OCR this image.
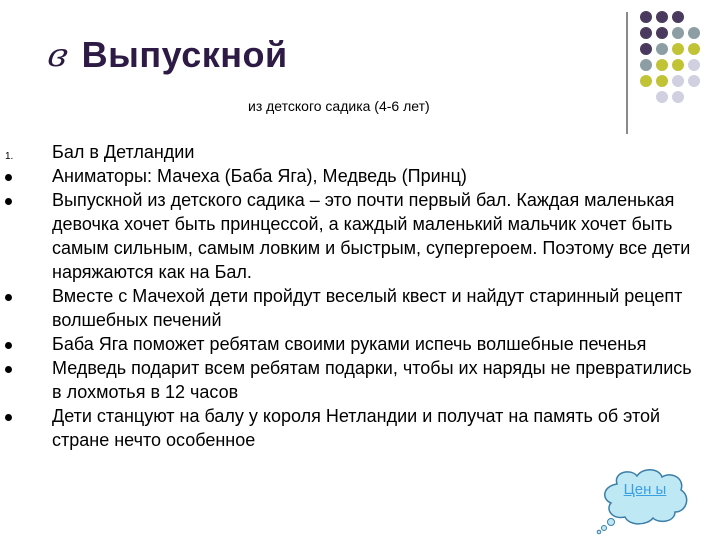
ɞ Выпускной
из детского садика (4-6 лет)
1.	Бал в Детландии
Аниматоры: Мачеха (Баба Яга), Медведь (Принц)
Выпускной из детского садика – это почти первый бал. Каждая маленькая девочка хочет быть принцессой, а каждый маленький мальчик хочет быть самым сильным, самым ловким и быстрым, супергероем. Поэтому все дети наряжаются как на Бал.
Вместе с Мачехой дети пройдут веселый квест и найдут старинный рецепт волшебных печений
Баба Яга поможет ребятам своими руками испечь волшебные печенья
Медведь подарит всем ребятам подарки, чтобы их наряды не превратились в лохмотья в 12 часов
Дети станцуют на балу у короля Нетландии и получат на память об этой стране нечто особенное
Цен ы
